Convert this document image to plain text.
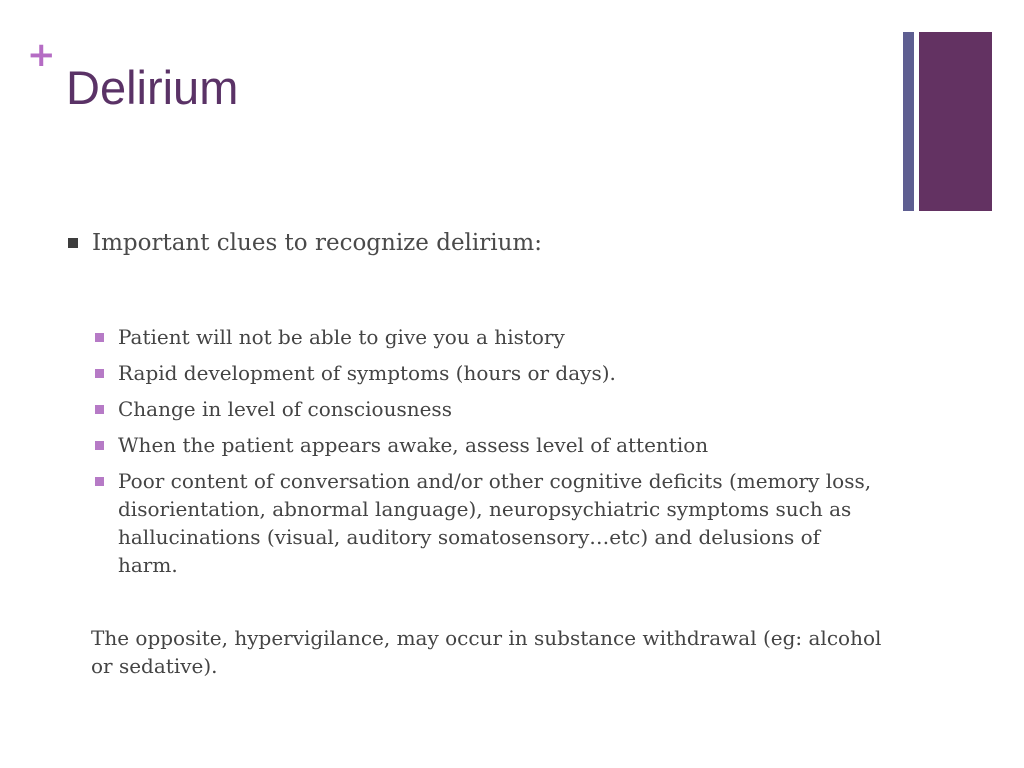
+
Delirium
Important clues to recognize delirium:
Patient will not be able to give you a history
Rapid development of symptoms (hours or days).
Change in level of consciousness
When the patient appears awake, assess level of attention
Poor content of conversation and/or other cognitive deficits (memory loss, disorientation, abnormal language), neuropsychiatric symptoms such as hallucinations (visual, auditory somatosensory…etc) and delusions of harm.

The opposite, hypervigilance, may occur in substance withdrawal (eg: alcohol or sedative).
